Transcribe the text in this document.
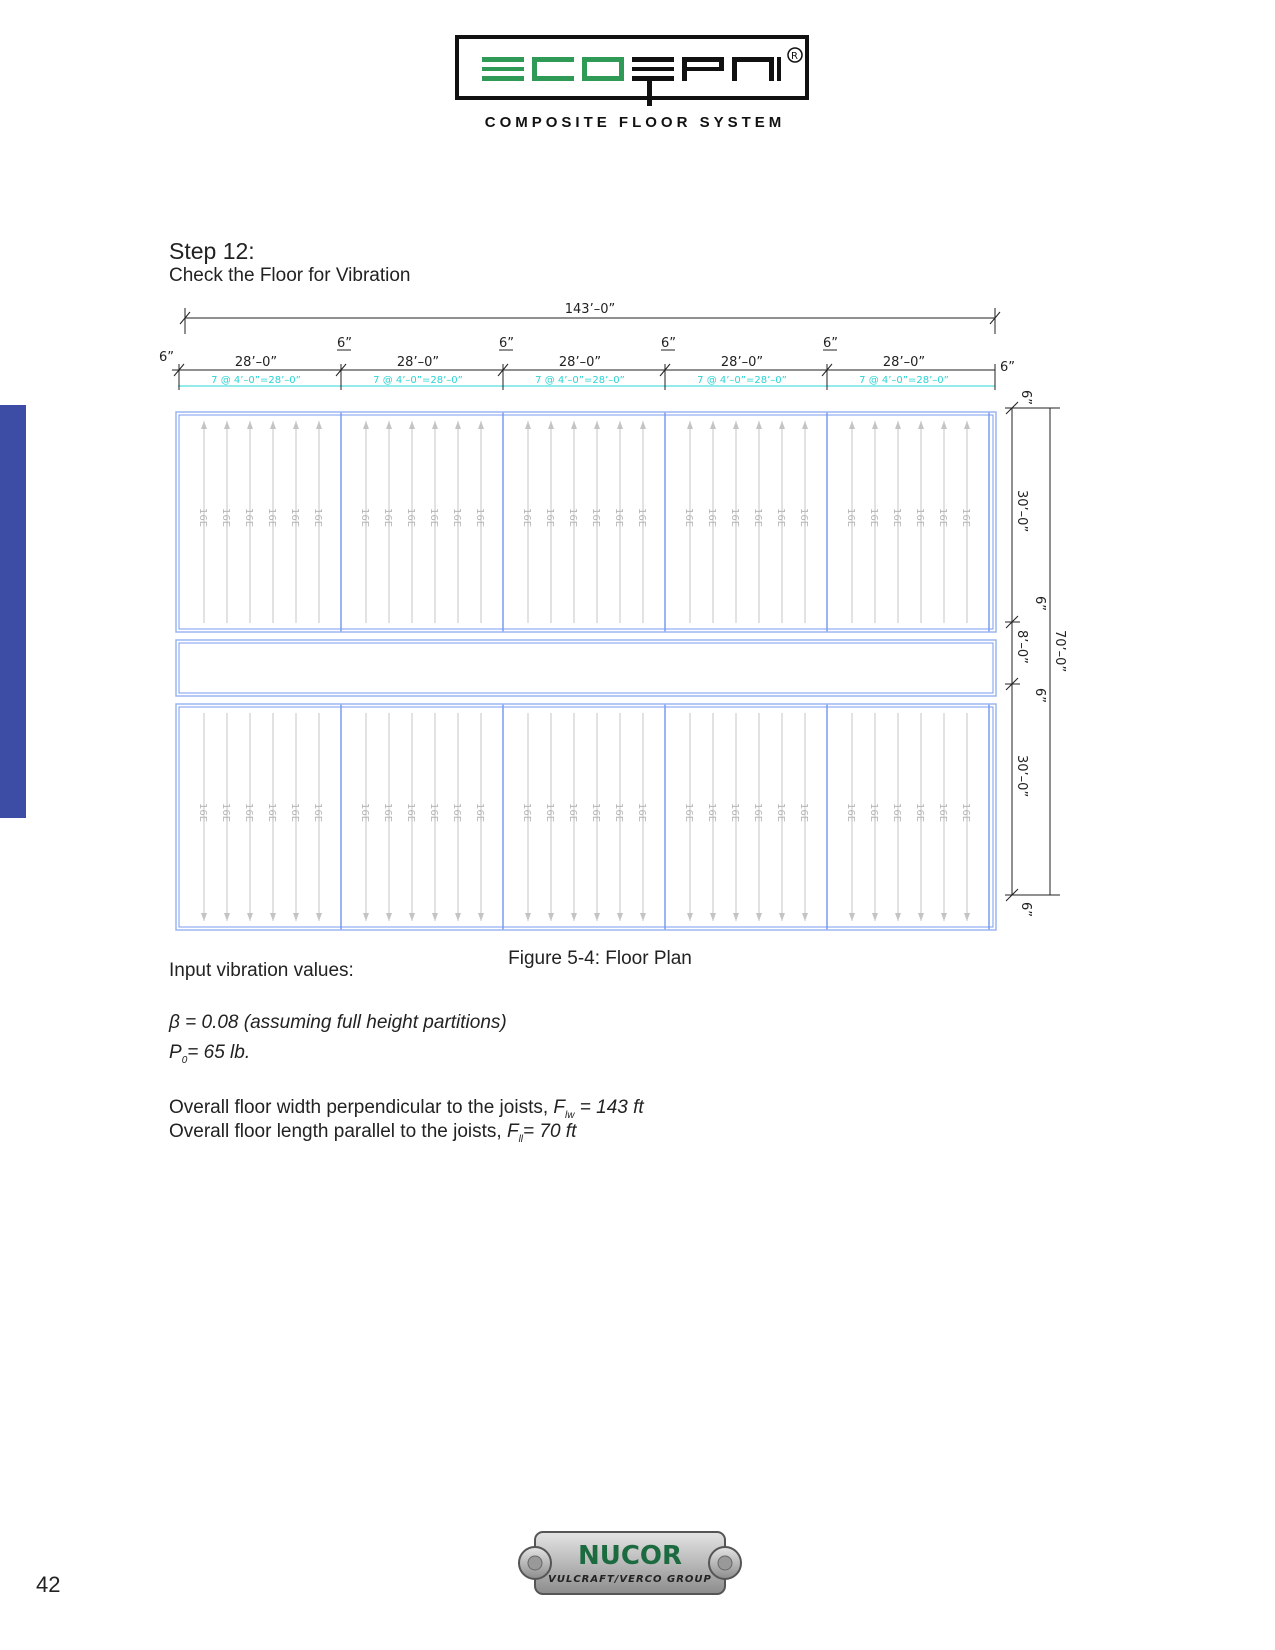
R
COMPOSITE FLOOR SYSTEM
Step 12:
Check the Floor for Vibration
143’–0”
28’–0”
7 @ 4’–0”=28’–0”
28’–0”
7 @ 4’–0”=28’–0”
6”
28’–0”
7 @ 4’–0”=28’–0”
6”
28’–0”
7 @ 4’–0”=28’–0”
6”
28’–0”
7 @ 4’–0”=28’–0”
6”
6”
6”
16E
16E
16E
16E
16E
16E
16E
16E
16E
16E
16E
16E
16E
16E
16E
16E
16E
16E
16E
16E
16E
16E
16E
16E
16E
16E
16E
16E
16E
16E
16E
16E
16E
16E
16E
16E
16E
16E
16E
16E
16E
16E
16E
16E
16E
16E
16E
16E
16E
16E
16E
16E
16E
16E
16E
16E
16E
16E
16E
16E
30’–0”
8’–0”
30’–0”
70’–0”
6”
6”
6”
6”
Figure 5-4: Floor Plan
Input vibration values:
β = 0.08 (assuming full height partitions)
$P_0= 65$ lb.
Overall floor width perpendicular to the joists, $F_{lw} = 143$ ft
Overall floor length parallel to the joists, $F_{ll}= 70$ ft
NUCOR
VULCRAFT/VERCO GROUP
42
